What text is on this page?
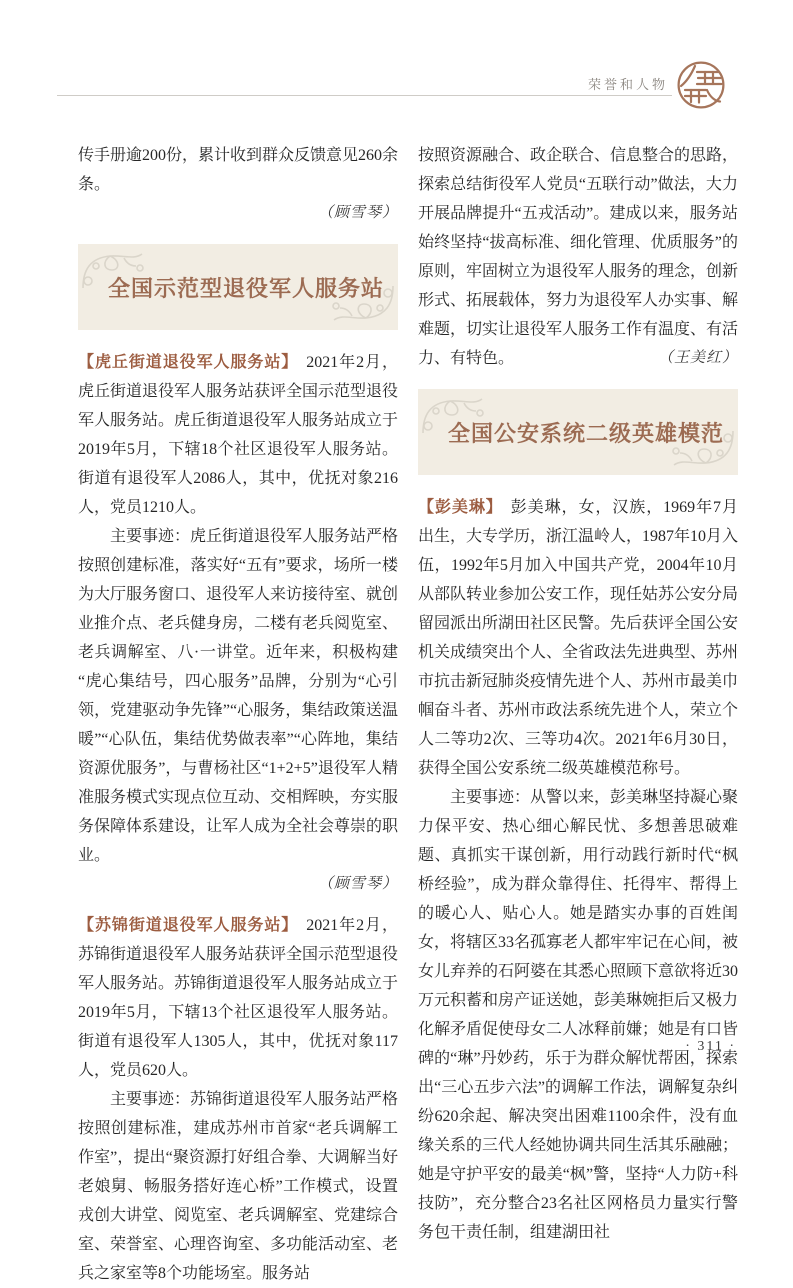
荣誉和人物

传手册逾200份，累计收到群众反馈意见260余条。

（顾雪琴）
全国示范型退役军人服务站

【虎丘街道退役军人服务站】 2021年2月，虎丘街道退役军人服务站获评全国示范型退役军人服务站。虎丘街道退役军人服务站成立于2019年5月，下辖18个社区退役军人服务站。街道有退役军人2086人，其中，优抚对象216人，党员1210人。

主要事迹：虎丘街道退役军人服务站严格按照创建标准，落实好“五有”要求，场所一楼为大厅服务窗口、退役军人来访接待室、就创业推介点、老兵健身房，二楼有老兵阅览室、老兵调解室、八·一讲堂。近年来，积极构建“虎心集结号，四心服务”品牌，分别为“心引领，党建驱动争先锋”“心服务，集结政策送温暖”“心队伍，集结优势做表率”“心阵地，集结资源优服务”，与曹杨社区“1+2+5”退役军人精准服务模式实现点位互动、交相辉映，夯实服务保障体系建设，让军人成为全社会尊崇的职业。

（顾雪琴）

【苏锦街道退役军人服务站】 2021年2月，苏锦街道退役军人服务站获评全国示范型退役军人服务站。苏锦街道退役军人服务站成立于2019年5月，下辖13个社区退役军人服务站。街道有退役军人1305人，其中，优抚对象117人，党员620人。

主要事迹：苏锦街道退役军人服务站严格按照创建标准，建成苏州市首家“老兵调解工作室”，提出“聚资源打好组合拳、大调解当好老娘舅、畅服务搭好连心桥”工作模式，设置戎创大讲堂、阅览室、老兵调解室、党建综合室、荣誉室、心理咨询室、多功能活动室、老兵之家室等8个功能场室。服务站

按照资源融合、政企联合、信息整合的思路，探索总结街役军人党员“五联行动”做法，大力开展品牌提升“五戎活动”。建成以来，服务站始终坚持“拔高标准、细化管理、优质服务”的原则，牢固树立为退役军人服务的理念，创新形式、拓展载体，努力为退役军人办实事、解难题，切实让退役军人服务工作有温度、有活力、有特色。	（王美红）
全国公安系统二级英雄模范

【彭美琳】 彭美琳，女，汉族，1969年7月出生，大专学历，浙江温岭人，1987年10月入伍，1992年5月加入中国共产党，2004年10月从部队转业参加公安工作，现任姑苏公安分局留园派出所湖田社区民警。先后获评全国公安机关成绩突出个人、全省政法先进典型、苏州市抗击新冠肺炎疫情先进个人、苏州市最美巾帼奋斗者、苏州市政法系统先进个人，荣立个人二等功2次、三等功4次。2021年6月30日，获得全国公安系统二级英雄模范称号。

主要事迹：从警以来，彭美琳坚持凝心聚力保平安、热心细心解民忧、多想善思破难题、真抓实干谋创新，用行动践行新时代“枫桥经验”，成为群众靠得住、托得牢、帮得上的暖心人、贴心人。她是踏实办事的百姓闺女，将辖区33名孤寡老人都牢牢记在心间，被女儿弃养的石阿婆在其悉心照顾下意欲将近30万元积蓄和房产证送她，彭美琳婉拒后又极力化解矛盾促使母女二人冰释前嫌；她是有口皆碑的“琳”丹妙药，乐于为群众解忧帮困，探索出“三心五步六法”的调解工作法，调解复杂纠纷620余起、解决突出困难1100余件，没有血缘关系的三代人经她协调共同生活其乐融融；她是守护平安的最美“枫”警，坚持“人力防+科技防”，充分整合23名社区网格员力量实行警务包干责任制，组建湖田社

· 311 ·
